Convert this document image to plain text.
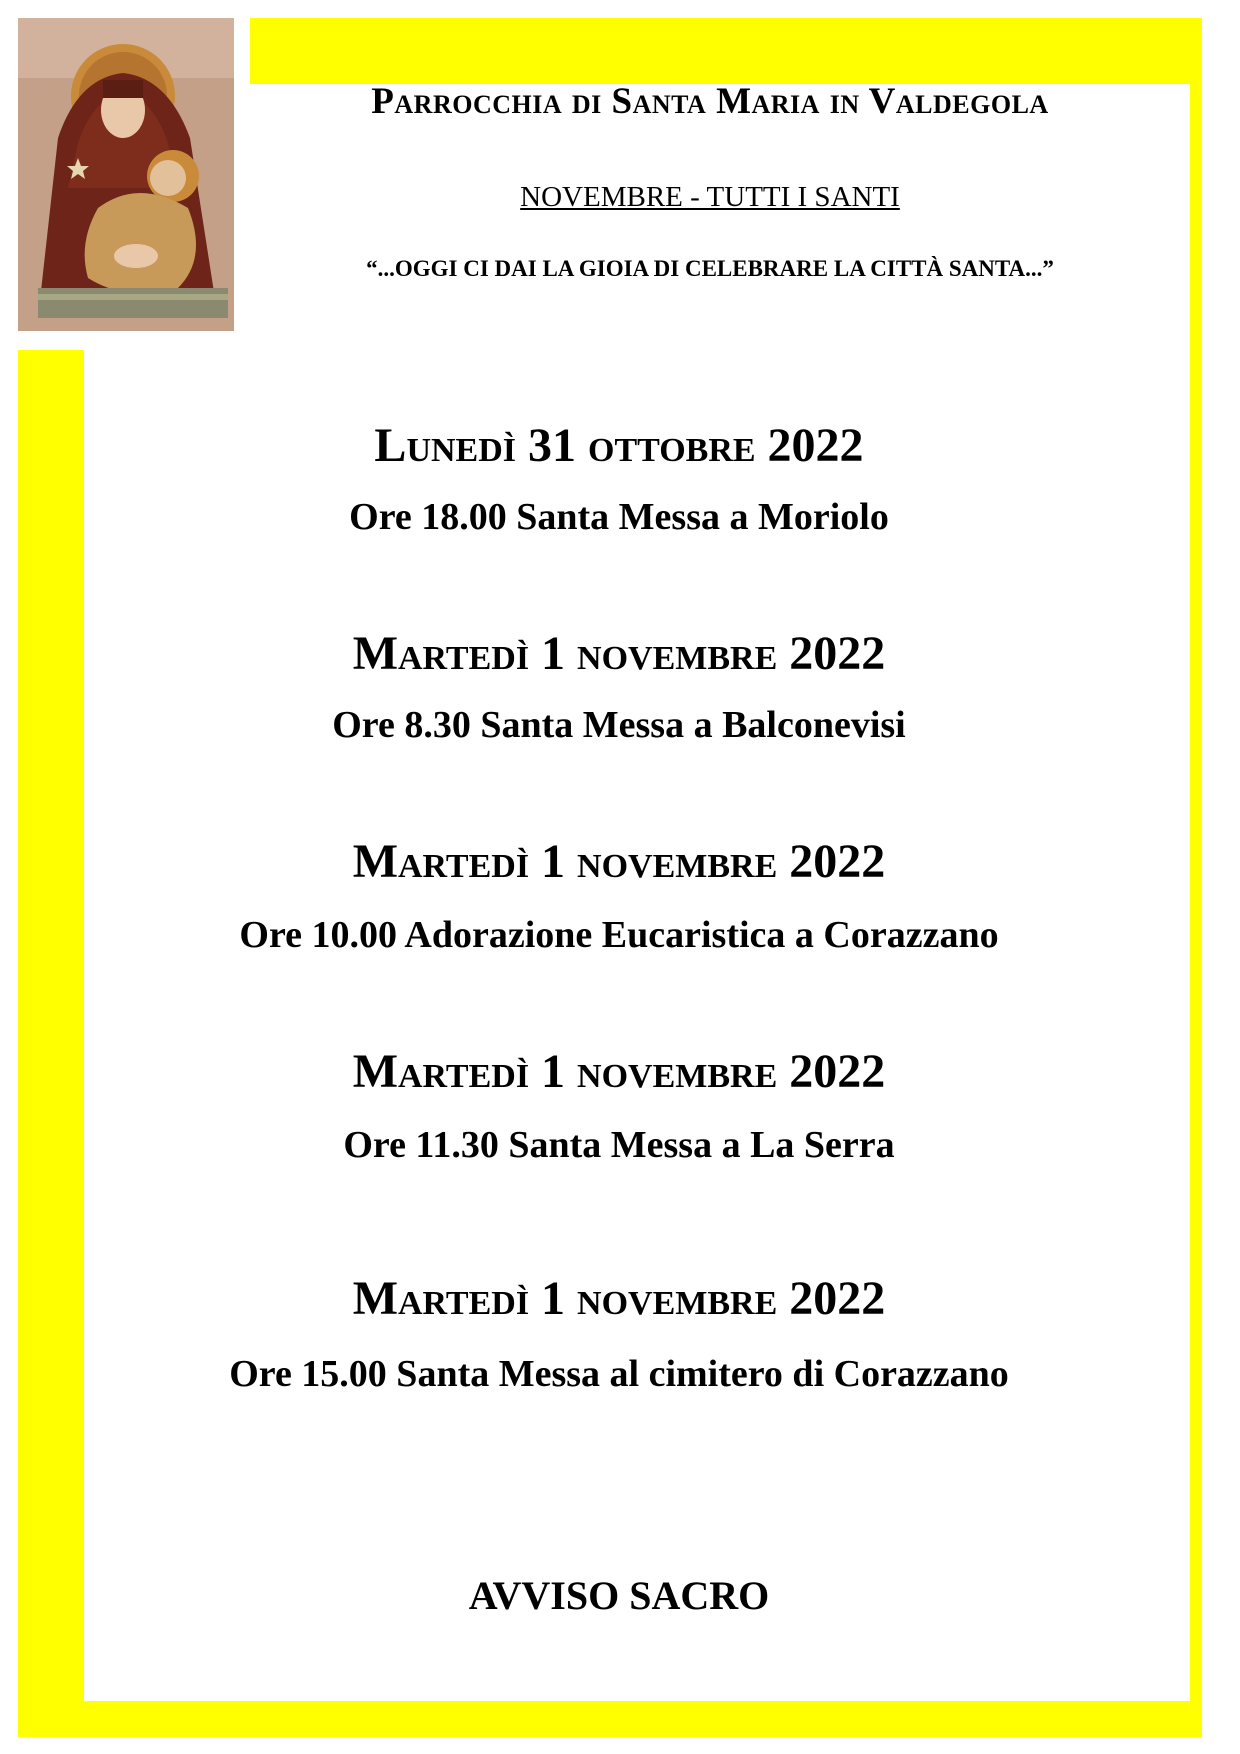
Parrocchia di Santa Maria in Valdegola
NOVEMBRE - TUTTI I SANTI
“...OGGI CI DAI LA GIOIA DI CELEBRARE LA CITTÀ SANTA...”
Lunedì 31 ottobre 2022
Ore 18.00 Santa Messa a Moriolo
Martedì 1 novembre 2022
Ore 8.30 Santa Messa a Balconevisi
Martedì 1 novembre 2022
Ore 10.00 Adorazione Eucaristica a Corazzano
Martedì 1 novembre 2022
Ore 11.30 Santa Messa a La Serra
Martedì 1 novembre 2022
Ore 15.00 Santa Messa al cimitero di Corazzano
AVVISO SACRO
